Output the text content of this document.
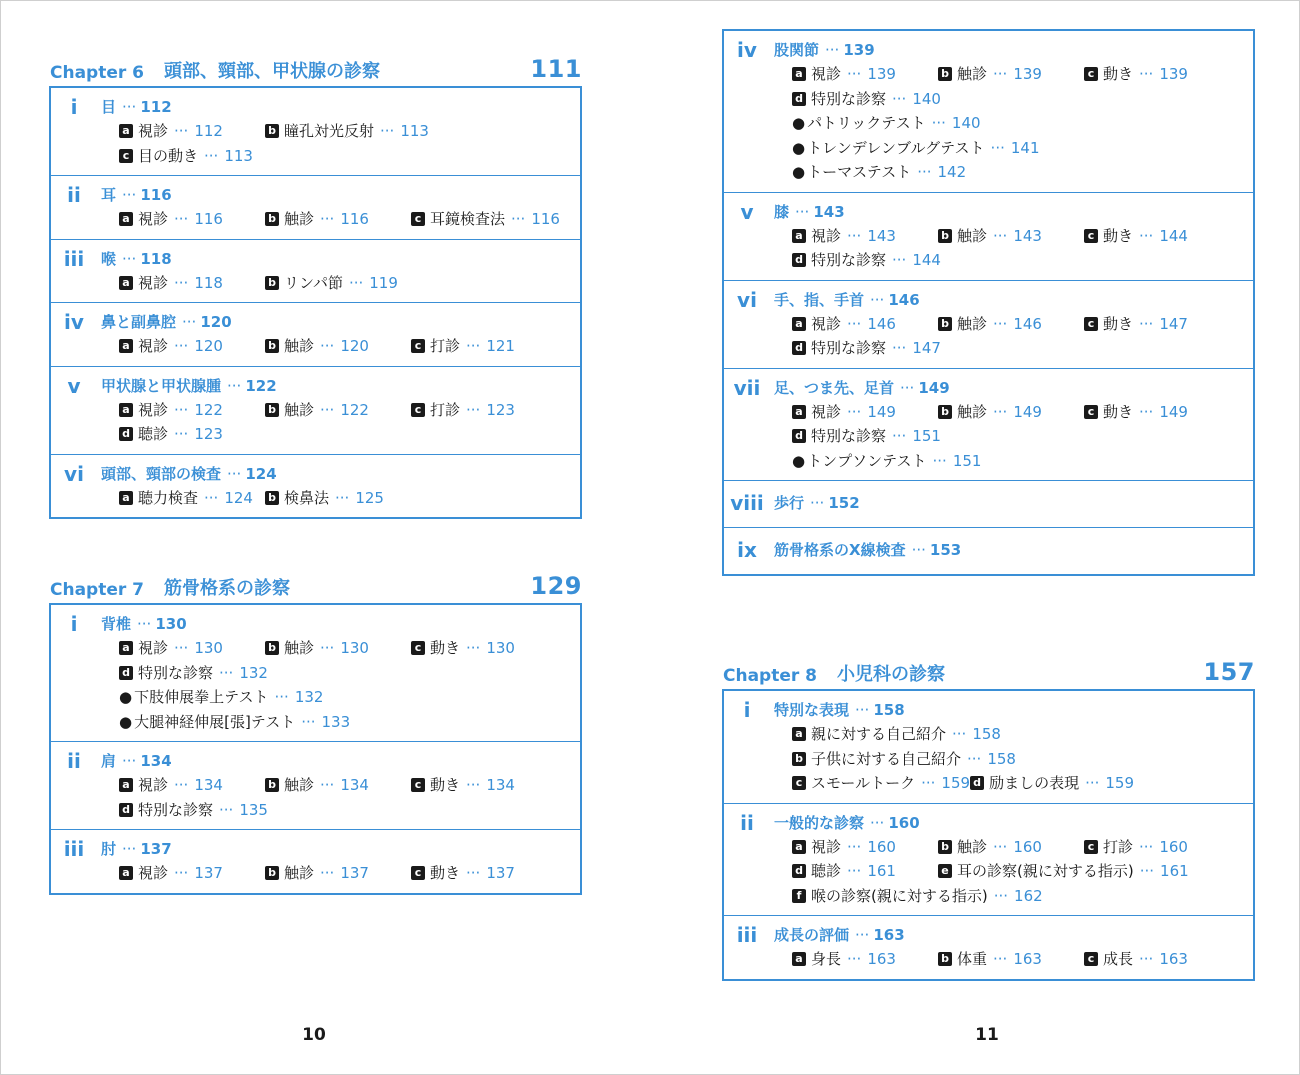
Chapter 6 頭部、頸部、甲状腺の診察	111
i	目 ··· 112
a 視診 ··· 112	b 瞳孔対光反射 ··· 113
c 目の動き ··· 113
ii	耳 ··· 116
a 視診 ··· 116	b 触診 ··· 116	c 耳鏡検査法 ··· 116
iii	喉 ··· 118
a 視診 ··· 118	b リンパ節 ··· 119
iv	鼻と副鼻腔 ··· 120
a 視診 ··· 120	b 触診 ··· 120	c 打診 ··· 121
v	甲状腺と甲状腺腫 ··· 122
a 視診 ··· 122	b 触診 ··· 122	c 打診 ··· 123
d 聴診 ··· 123
vi	頭部、頸部の検査 ··· 124
a 聴力検査 ··· 124 b 検鼻法 ··· 125
Chapter 7 筋骨格系の診察	129
i	背椎 ··· 130
a 視診 ··· 130	b 触診 ··· 130	c 動き ··· 130
d 特別な診察 ··· 132
● 下肢伸展拳上テスト ··· 132
● 大腿神経伸展[張]テスト ··· 133
ii	肩 ··· 134
a 視診 ··· 134	b 触診 ··· 134	c 動き ··· 134
d 特別な診察 ··· 135
iii	肘 ··· 137
a 視診 ··· 137	b 触診 ··· 137	c 動き ··· 137
iv	股関節 ··· 139
a 視診 ··· 139	b 触診 ··· 139	c 動き ··· 139
d 特別な診察 ··· 140
● パトリックテスト ··· 140
● トレンデレンブルグテスト ··· 141
● トーマステスト ··· 142
v	膝 ··· 143
a 視診 ··· 143	b 触診 ··· 143	c 動き ··· 144
d 特別な診察 ··· 144
vi	手、指、手首 ··· 146
a 視診 ··· 146	b 触診 ··· 146	c 動き ··· 147
d 特別な診察 ··· 147
vii 足、つま先、足首 ··· 149
a 視診 ··· 149	b 触診 ··· 149	c 動き ··· 149
d 特別な診察 ··· 151
● トンプソンテスト ··· 151
viii 歩行 ··· 152
ix	筋骨格系のX線検査 ··· 153
Chapter 8 小児科の診察	157
i	特別な表現 ··· 158
a 親に対する自己紹介 ··· 158
b 子供に対する自己紹介 ··· 158
c スモールトーク ··· 159 d 励ましの表現 ··· 159
ii	一般的な診察 ··· 160
a 視診 ··· 160	b 触診 ··· 160	c 打診 ··· 160
d 聴診 ··· 161	e 耳の診察(親に対する指示) ··· 161
f 喉の診察(親に対する指示) ··· 162
iii	成長の評価 ··· 163
a 身長 ··· 163	b 体重 ··· 163	c 成長 ··· 163
10	11
